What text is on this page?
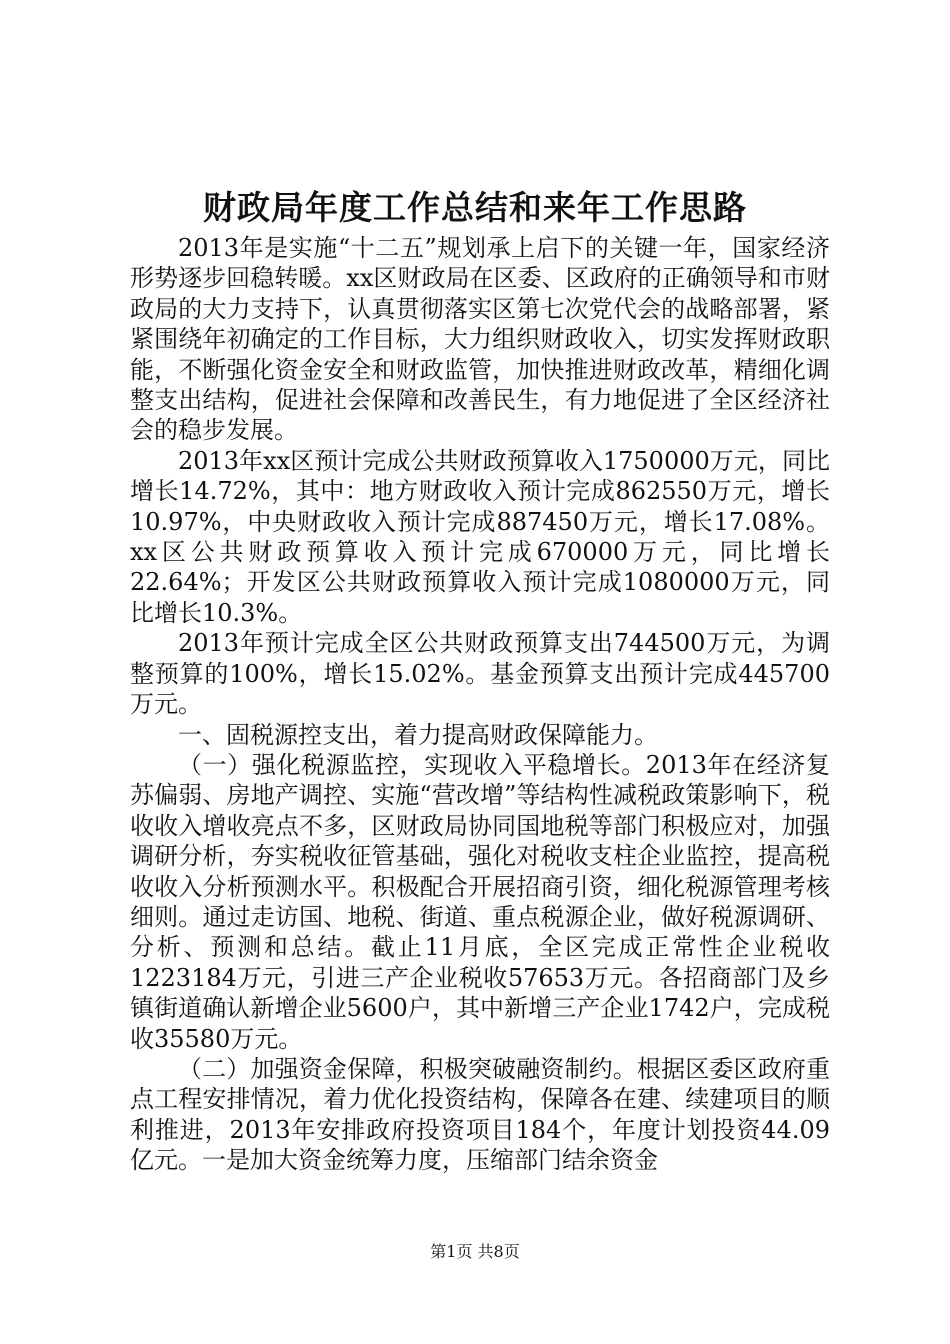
财政局年度工作总结和来年工作思路

2013年是实施“十二五”规划承上启下的关键一年，国家经济形势逐步回稳转暖。xx区财政局在区委、区政府的正确领导和市财政局的大力支持下，认真贯彻落实区第七次党代会的战略部署，紧紧围绕年初确定的工作目标，大力组织财政收入，切实发挥财政职能，不断强化资金安全和财政监管，加快推进财政改革，精细化调整支出结构，促进社会保障和改善民生，有力地促进了全区经济社会的稳步发展。

2013年xx区预计完成公共财政预算收入1750000万元，同比增长14.72%，其中：地方财政收入预计完成862550万元，增长10.97%，中央财政收入预计完成887450万元，增长17.08%。xx区公共财政预算收入预计完成670000万元，同比增长22.64%；开发区公共财政预算收入预计完成1080000万元，同比增长10.3%。

2013年预计完成全区公共财政预算支出744500万元，为调整预算的100%，增长15.02%。基金预算支出预计完成445700万元。

一、固税源控支出，着力提高财政保障能力。

（一）强化税源监控，实现收入平稳增长。2013年在经济复苏偏弱、房地产调控、实施“营改增”等结构性减税政策影响下，税收收入增收亮点不多，区财政局协同国地税等部门积极应对，加强调研分析，夯实税收征管基础，强化对税收支柱企业监控，提高税收收入分析预测水平。积极配合开展招商引资，细化税源管理考核细则。通过走访国、地税、街道、重点税源企业，做好税源调研、分析、预测和总结。截止11月底，全区完成正常性企业税收1223184万元，引进三产企业税收57653万元。各招商部门及乡镇街道确认新增企业5600户，其中新增三产企业1742户，完成税收35580万元。

（二）加强资金保障，积极突破融资制约。根据区委区政府重点工程安排情况，着力优化投资结构，保障各在建、续建项目的顺利推进，2013年安排政府投资项目184个，年度计划投资44.09亿元。一是加大资金统筹力度，压缩部门结余资金

第1页 共8页
